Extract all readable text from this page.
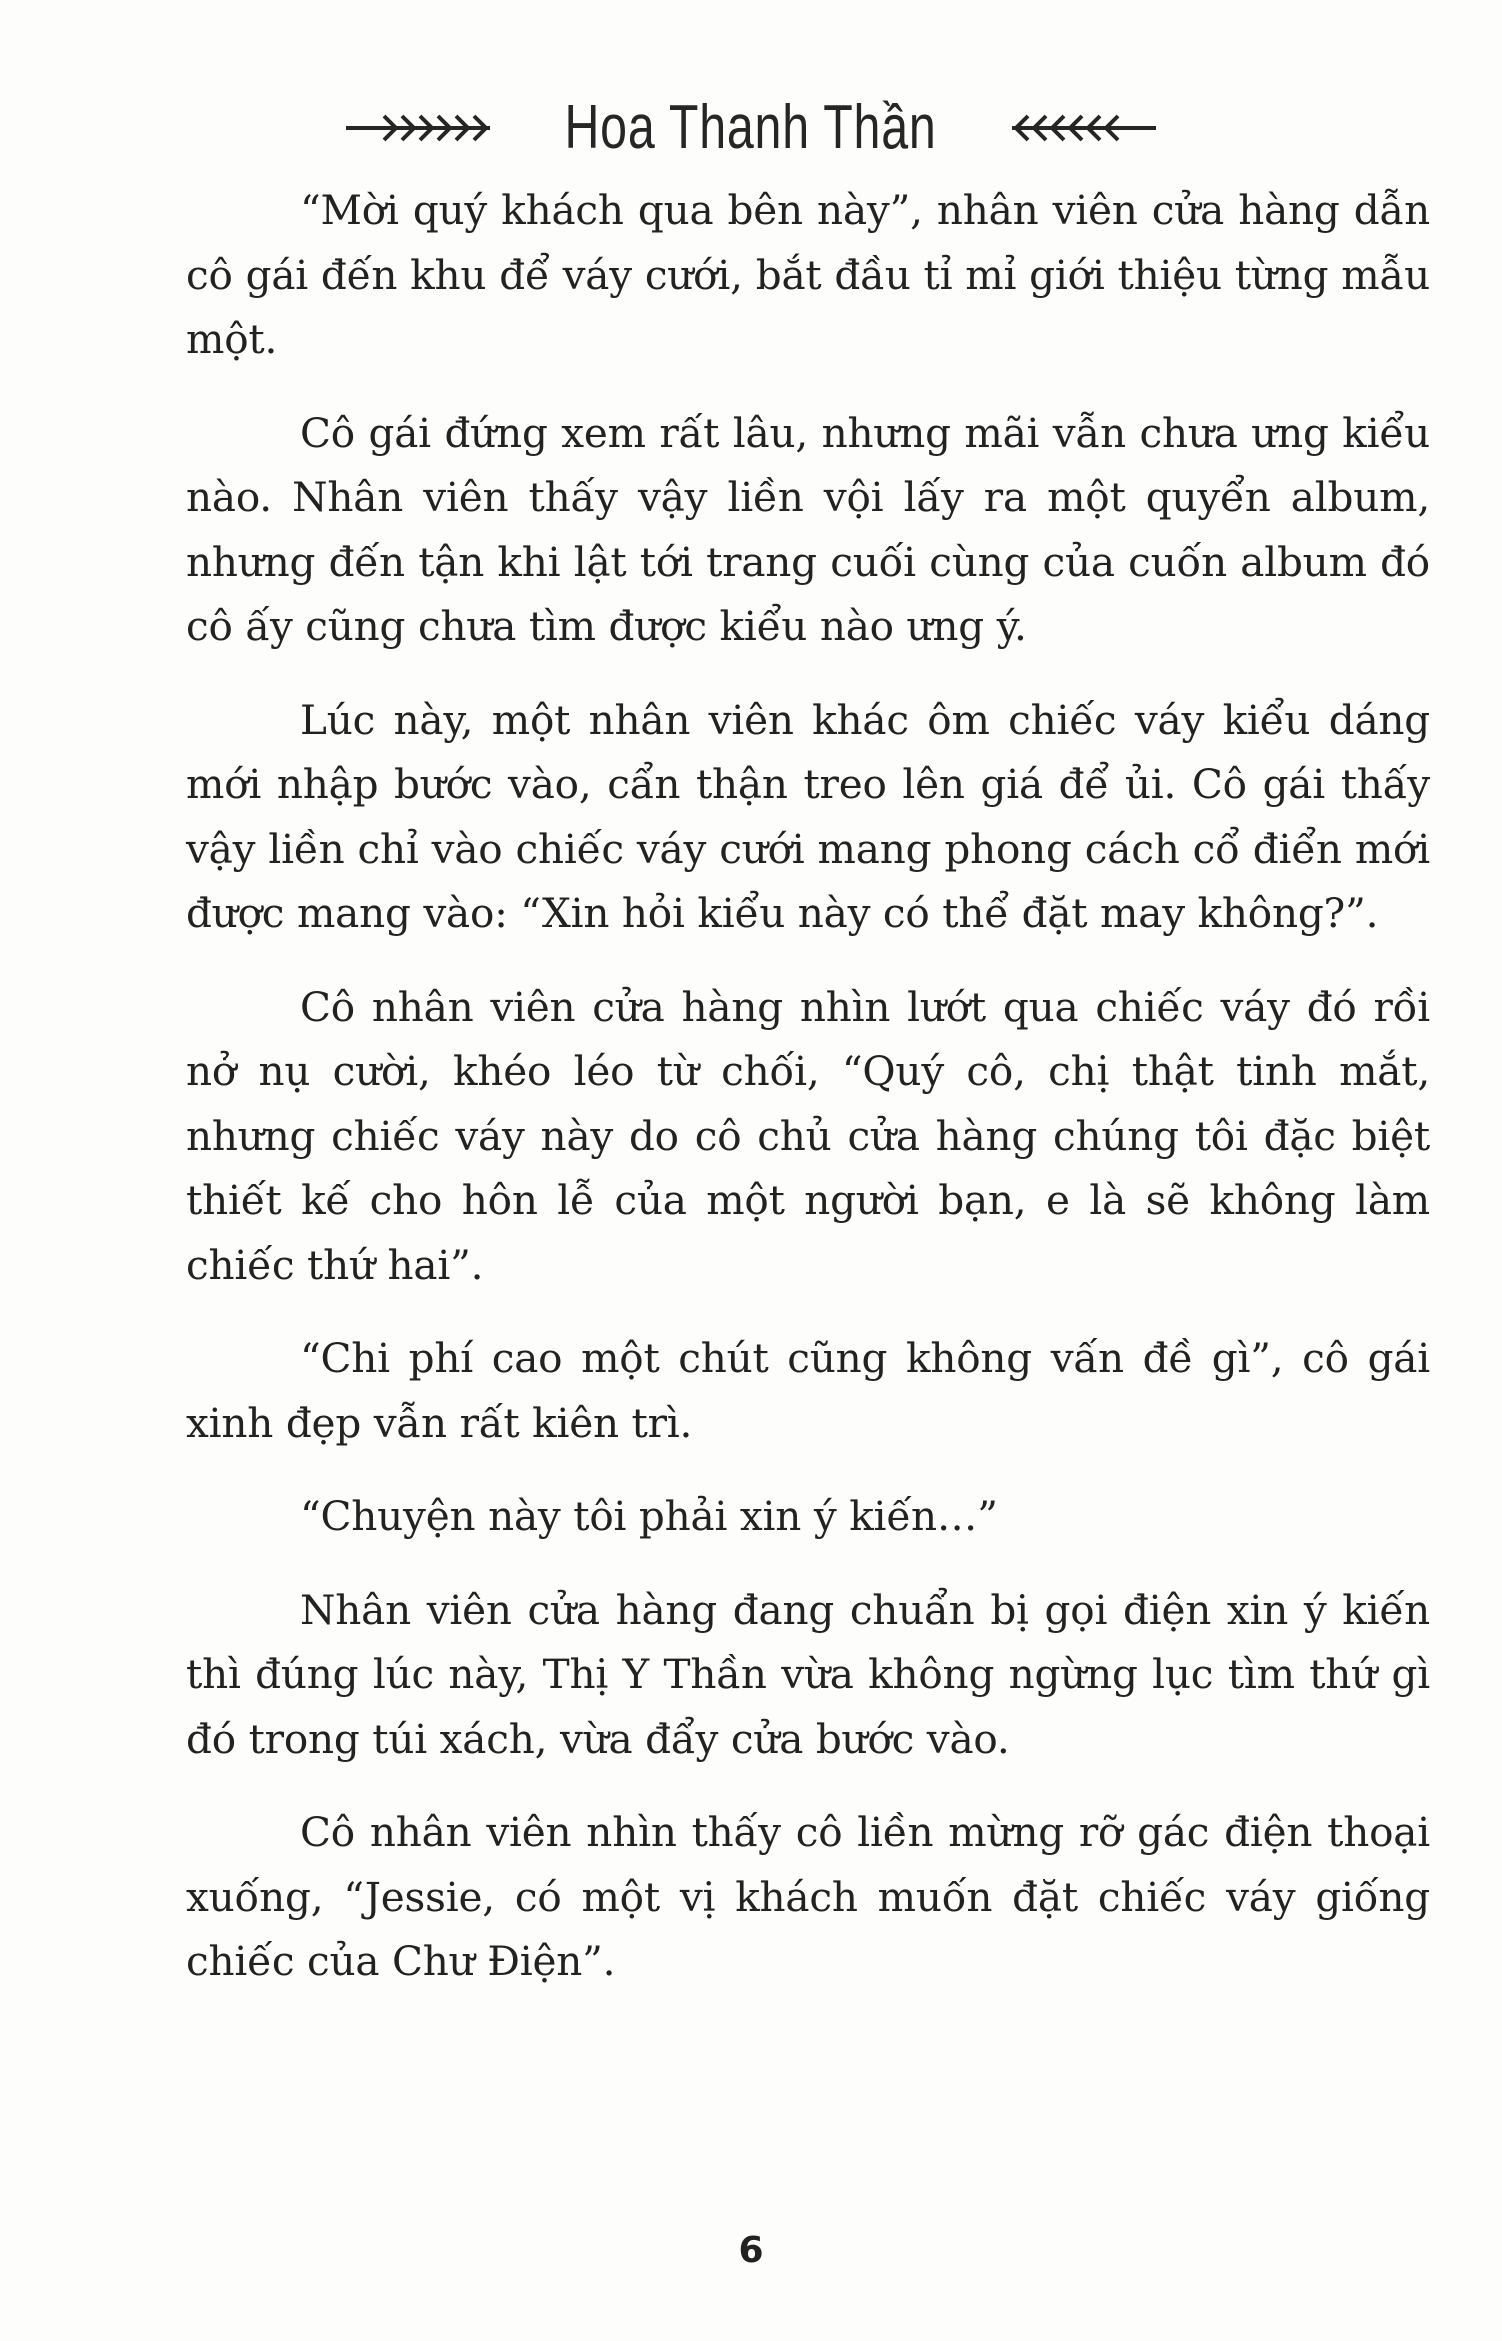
Hoa Thanh Thần

“Mời quý khách qua bên này”, nhân viên cửa hàng dẫn cô gái đến khu để váy cưới, bắt đầu tỉ mỉ giới thiệu từng mẫu một.

Cô gái đứng xem rất lâu, nhưng mãi vẫn chưa ưng kiểu nào. Nhân viên thấy vậy liền vội lấy ra một quyển album, nhưng đến tận khi lật tới trang cuối cùng của cuốn album đó cô ấy cũng chưa tìm được kiểu nào ưng ý.

Lúc này, một nhân viên khác ôm chiếc váy kiểu dáng mới nhập bước vào, cẩn thận treo lên giá để ủi. Cô gái thấy vậy liền chỉ vào chiếc váy cưới mang phong cách cổ điển mới được mang vào: “Xin hỏi kiểu này có thể đặt may không?”.

Cô nhân viên cửa hàng nhìn lướt qua chiếc váy đó rồi nở nụ cười, khéo léo từ chối, “Quý cô, chị thật tinh mắt, nhưng chiếc váy này do cô chủ cửa hàng chúng tôi đặc biệt thiết kế cho hôn lễ của một người bạn, e là sẽ không làm chiếc thứ hai”.

“Chi phí cao một chút cũng không vấn đề gì”, cô gái xinh đẹp vẫn rất kiên trì.

“Chuyện này tôi phải xin ý kiến…”

Nhân viên cửa hàng đang chuẩn bị gọi điện xin ý kiến thì đúng lúc này, Thị Y Thần vừa không ngừng lục tìm thứ gì đó trong túi xách, vừa đẩy cửa bước vào.

Cô nhân viên nhìn thấy cô liền mừng rỡ gác điện thoại xuống, “Jessie, có một vị khách muốn đặt chiếc váy giống chiếc của Chư Điện”.

6
